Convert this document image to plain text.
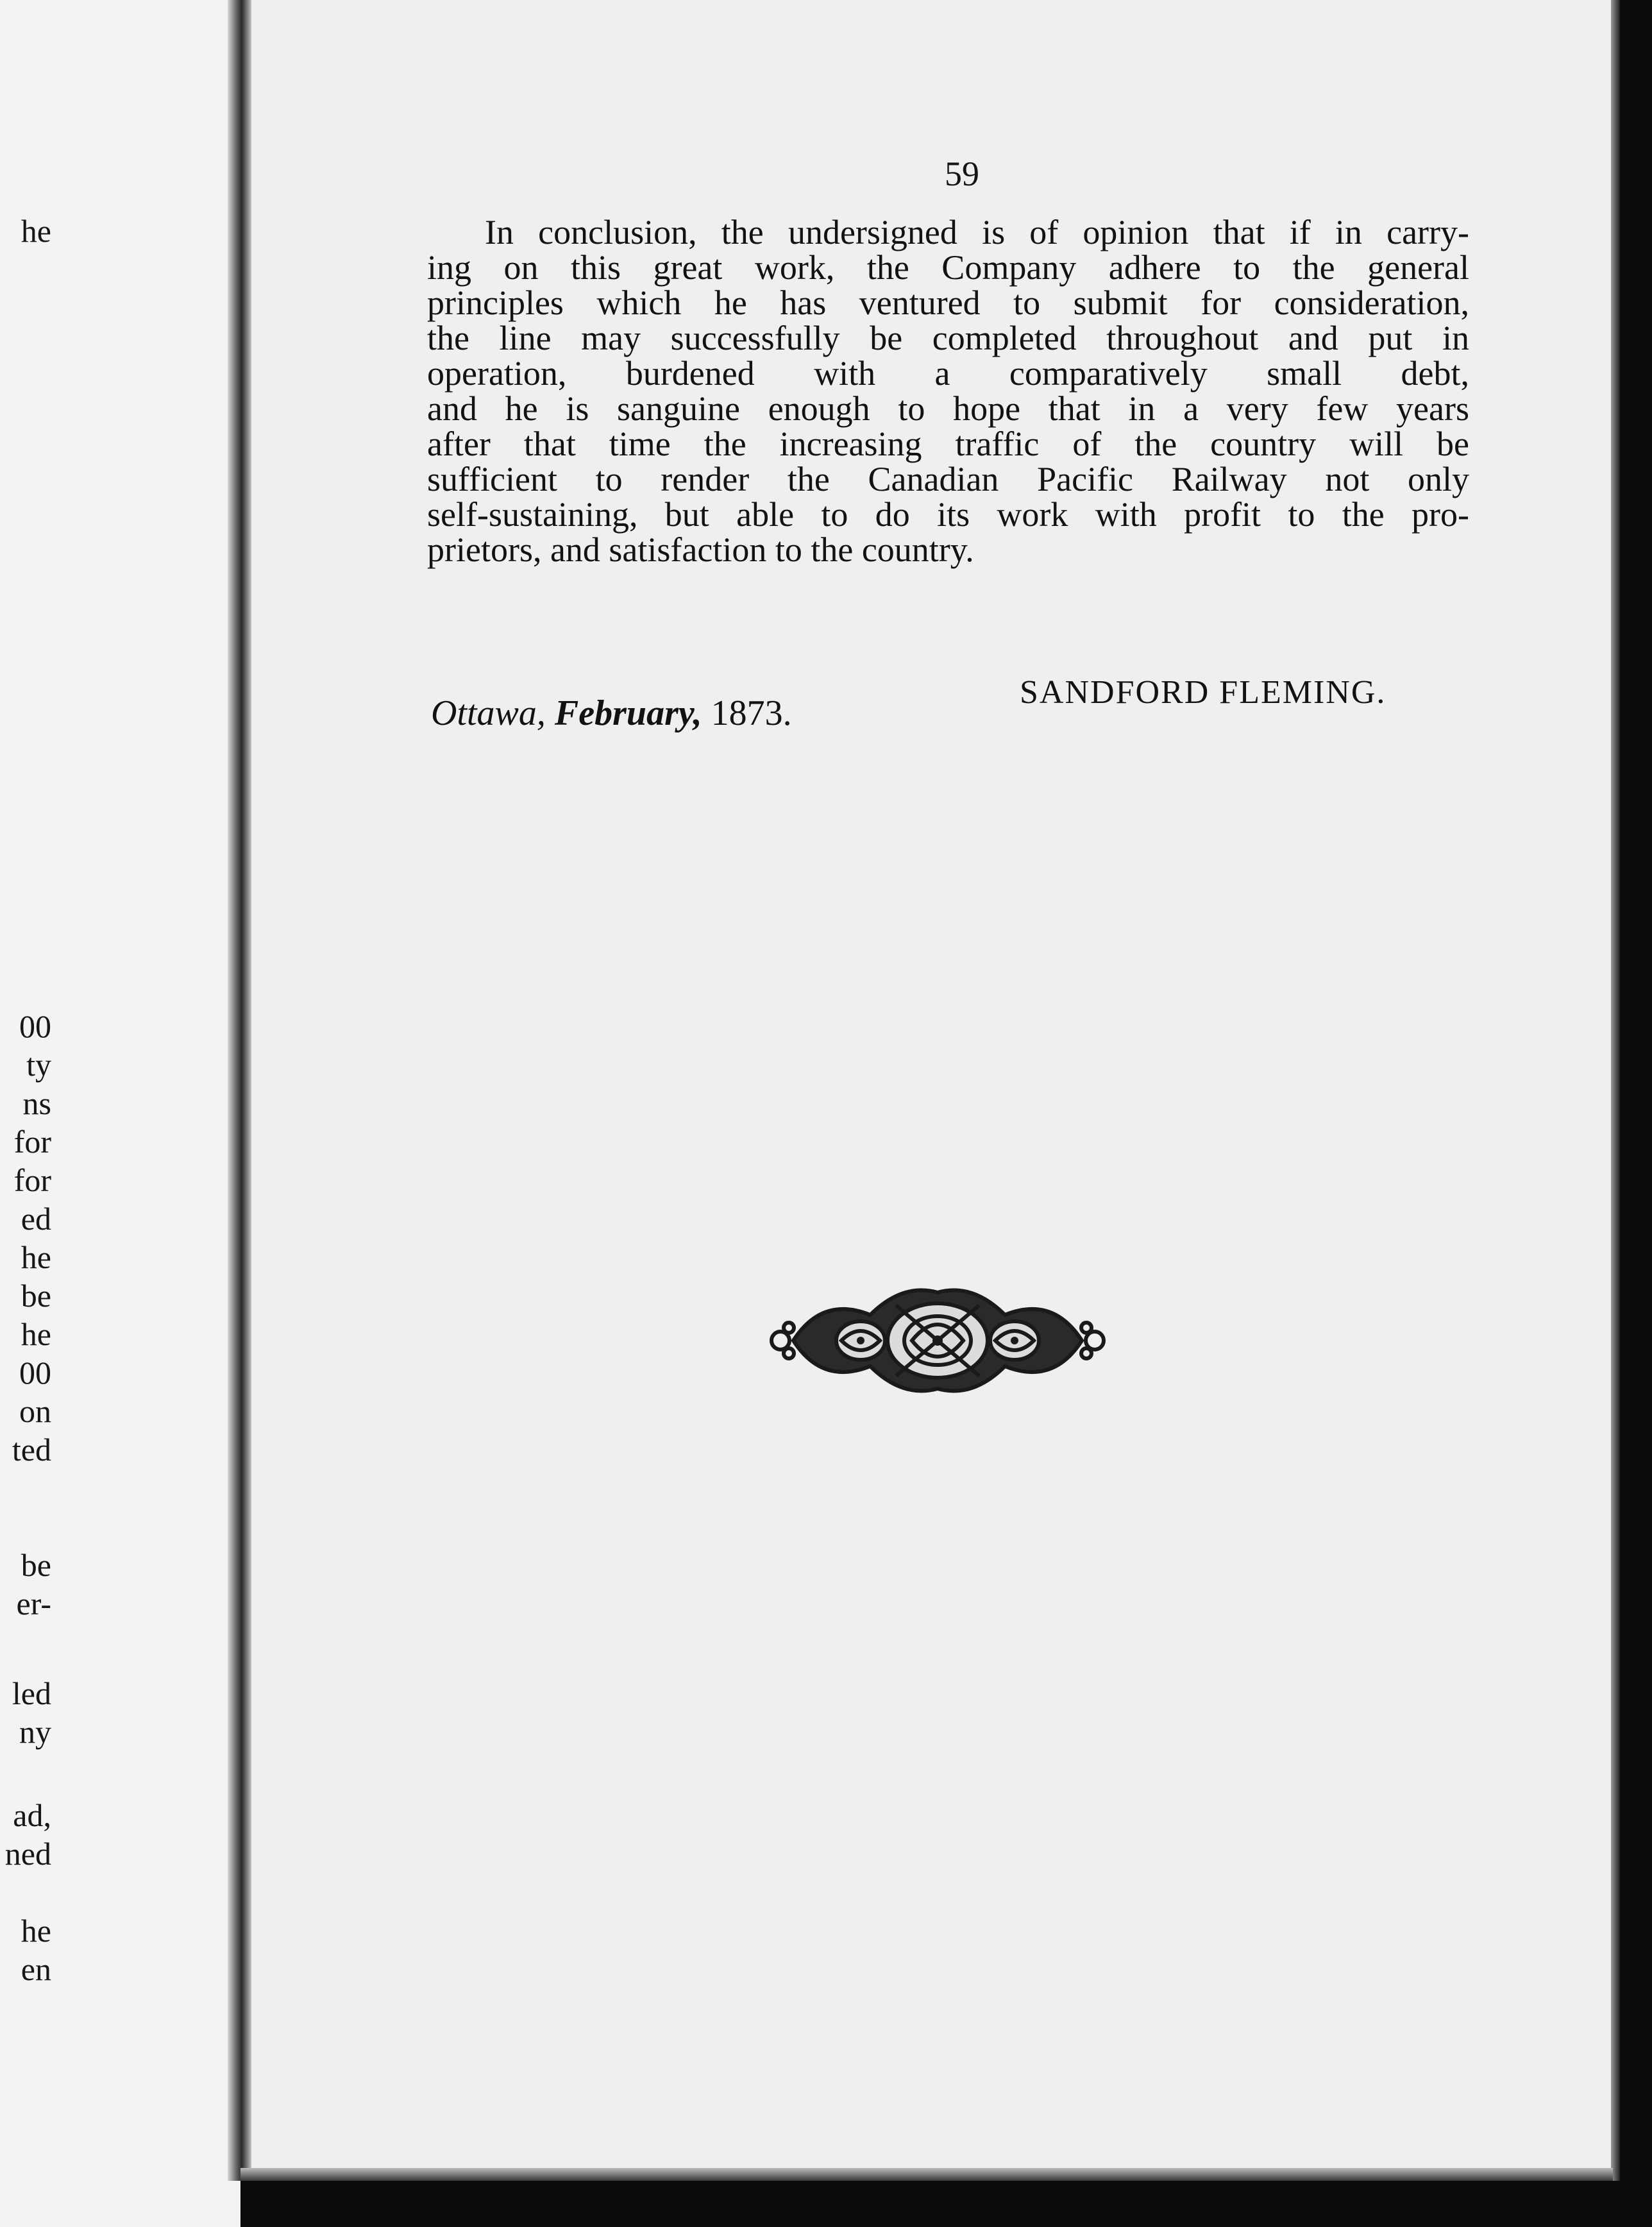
he
00
ty
ns
for
for
ed
he
be
he
00
on
ted
be
er-
led
ny
ad,
ned
he
en
59
In conclusion, the undersigned is of opinion that if in carry-
ing on this great work, the Company adhere to the general
principles which he has ventured to submit for consideration,
the line may successfully be completed throughout and put in
operation, burdened with a comparatively small debt,
and he is sanguine enough to hope that in a very few years
after that time the increasing traffic of the country will be
sufficient to render the Canadian Pacific Railway not only
self-sustaining, but able to do its work with profit to the pro-
prietors, and satisfaction to the country.
Ottawa, February, 1873.
SANDFORD FLEMING.
